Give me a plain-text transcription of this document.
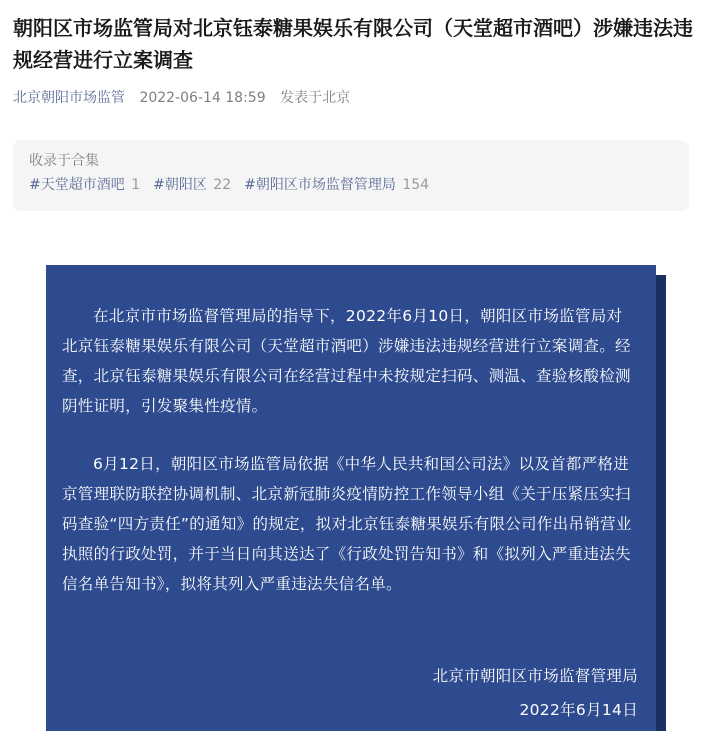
朝阳区市场监管局对北京钰泰糖果娱乐有限公司（天堂超市酒吧）涉嫌违法违规经营进行立案调查
北京朝阳市场监管 2022-06-14 18:59 发表于北京
收录于合集
#天堂超市酒吧 1 #朝阳区 22 #朝阳区市场监督管理局 154

在北京市市场监督管理局的指导下，2022年6月10日，朝阳区市场监管局对北京钰泰糖果娱乐有限公司（天堂超市酒吧）涉嫌违法违规经营进行立案调查。经查，北京钰泰糖果娱乐有限公司在经营过程中未按规定扫码、测温、查验核酸检测阴性证明，引发聚集性疫情。

6月12日，朝阳区市场监管局依据《中华人民共和国公司法》以及首都严格进京管理联防联控协调机制、北京新冠肺炎疫情防控工作领导小组《关于压紧压实扫码查验“四方责任”的通知》的规定，拟对北京钰泰糖果娱乐有限公司作出吊销营业执照的行政处罚，并于当日向其送达了《行政处罚告知书》和《拟列入严重违法失信名单告知书》，拟将其列入严重违法失信名单。

北京市朝阳区市场监督管理局
2022年6月14日
